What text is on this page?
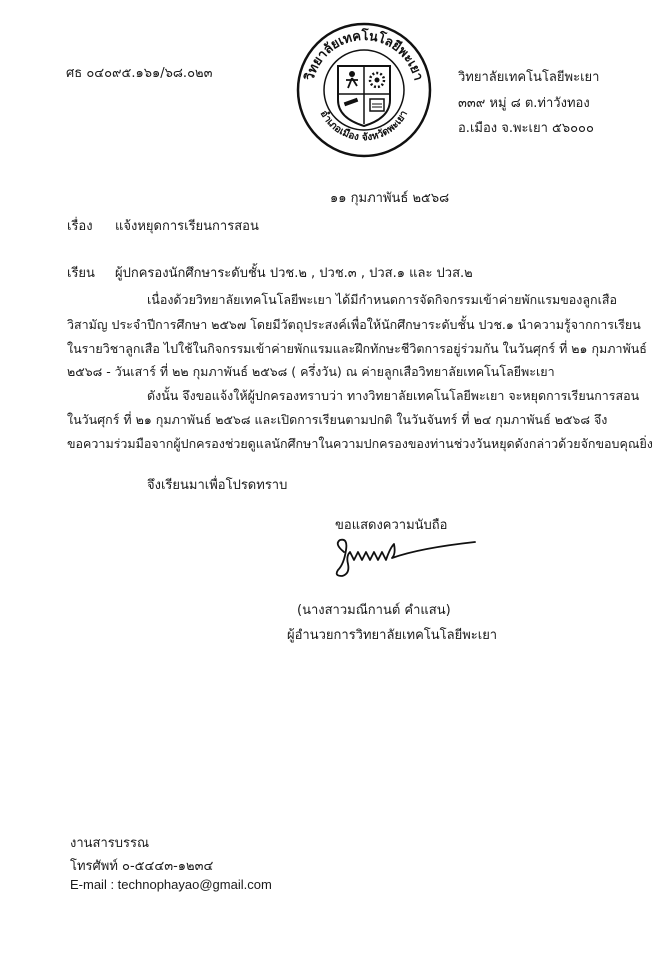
ศธ ๐๔๐๙๕.๑๖๑/๖๘.๐๒๓	วิทยาลัยเทคโนโลยีพะเยา
อำเภอเมือง จังหวัดพะเยา
วิทยาลัยเทคโนโลยีพะเยา
๓๓๙ หมู่ ๘ ต.ท่าวังทอง
อ.เมือง จ.พะเยา ๕๖๐๐๐
๑๑ กุมภาพันธ์ ๒๕๖๘
เรื่อง แจ้งหยุดการเรียนการสอน
เรียน ผู้ปกครองนักศึกษาระดับชั้น ปวช.๒ , ปวช.๓ , ปวส.๑ และ ปวส.๒
เนื่องด้วยวิทยาลัยเทคโนโลยีพะเยา ได้มีกำหนดการจัดกิจกรรมเข้าค่ายพักแรมของลูกเสือ
วิสามัญ ประจำปีการศึกษา ๒๕๖๗ โดยมีวัตถุประสงค์เพื่อให้นักศึกษาระดับชั้น ปวช.๑ นำความรู้จากการเรียน
ในรายวิชาลูกเสือ ไปใช้ในกิจกรรมเข้าค่ายพักแรมและฝึกทักษะชีวิตการอยู่ร่วมกัน ในวันศุกร์ ที่ ๒๑ กุมภาพันธ์
๒๕๖๘ - วันเสาร์ ที่ ๒๒ กุมภาพันธ์ ๒๕๖๘ ( ครึ่งวัน) ณ ค่ายลูกเสือวิทยาลัยเทคโนโลยีพะเยา
ดังนั้น จึงขอแจ้งให้ผู้ปกครองทราบว่า ทางวิทยาลัยเทคโนโลยีพะเยา จะหยุดการเรียนการสอน
ในวันศุกร์ ที่ ๒๑ กุมภาพันธ์ ๒๕๖๘ และเปิดการเรียนตามปกติ ในวันจันทร์ ที่ ๒๔ กุมภาพันธ์ ๒๕๖๘ จึง
ขอความร่วมมือจากผู้ปกครองช่วยดูแลนักศึกษาในความปกครองของท่านช่วงวันหยุดดังกล่าวด้วยจักขอบคุณยิ่ง
จึงเรียนมาเพื่อโปรดทราบ
ขอแสดงความนับถือ
(นางสาวมณีกานต์ คำแสน)
ผู้อำนวยการวิทยาลัยเทคโนโลยีพะเยา
งานสารบรรณ
โทรศัพท์ ๐-๕๔๔๓-๑๒๓๔
E-mail : technophayao@gmail.com
